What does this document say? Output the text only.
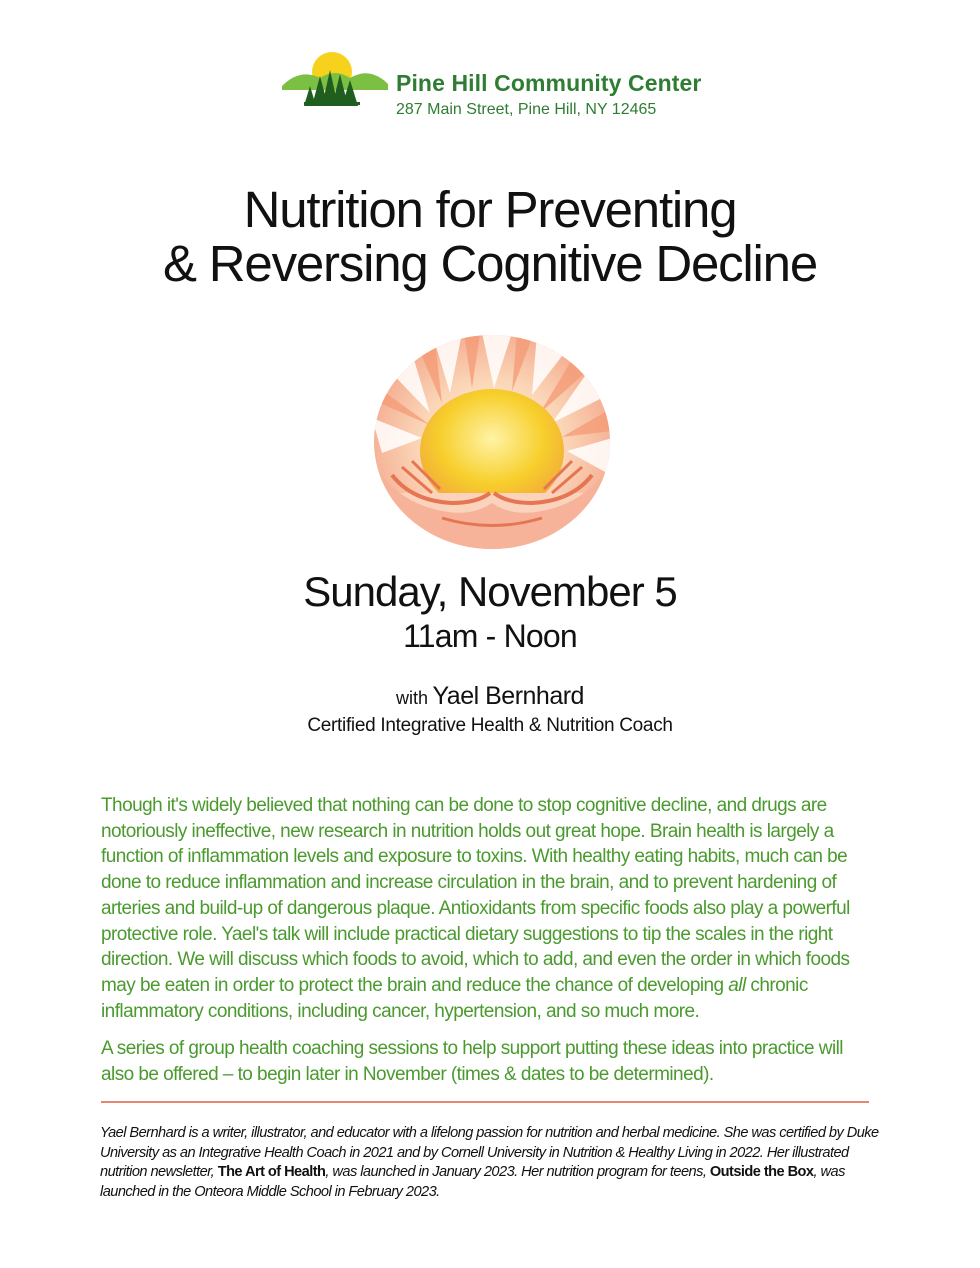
Pine Hill Community Center
287 Main Street, Pine Hill, NY 12465
Nutrition for Preventing
& Reversing Cognitive Decline
Sunday, November 5
11am - Noon
with Yael Bernhard
Certified Integrative Health & Nutrition Coach

Though it's widely believed that nothing can be done to stop cognitive decline, and drugs are notoriously ineffective, new research in nutrition holds out great hope. Brain health is largely a function of inflammation levels and exposure to toxins. With healthy eating habits, much can be done to reduce inflammation and increase circulation in the brain, and to prevent hardening of arteries and build-up of dangerous plaque. Antioxidants from specific foods also play a powerful protective role. Yael's talk will include practical dietary suggestions to tip the scales in the right direction. We will discuss which foods to avoid, which to add, and even the order in which foods may be eaten in order to protect the brain and reduce the chance of developing all chronic inflammatory conditions, including cancer, hypertension, and so much more.

A series of group health coaching sessions to help support putting these ideas into practice will also be offered – to begin later in November (times & dates to be determined).

Yael Bernhard is a writer, illustrator, and educator with a lifelong passion for nutrition and herbal medicine. She was certified by Duke University as an Integrative Health Coach in 2021 and by Cornell University in Nutrition & Healthy Living in 2022. Her illustrated nutrition newsletter, The Art of Health, was launched in January 2023. Her nutrition program for teens, Outside the Box, was launched in the Onteora Middle School in February 2023.
